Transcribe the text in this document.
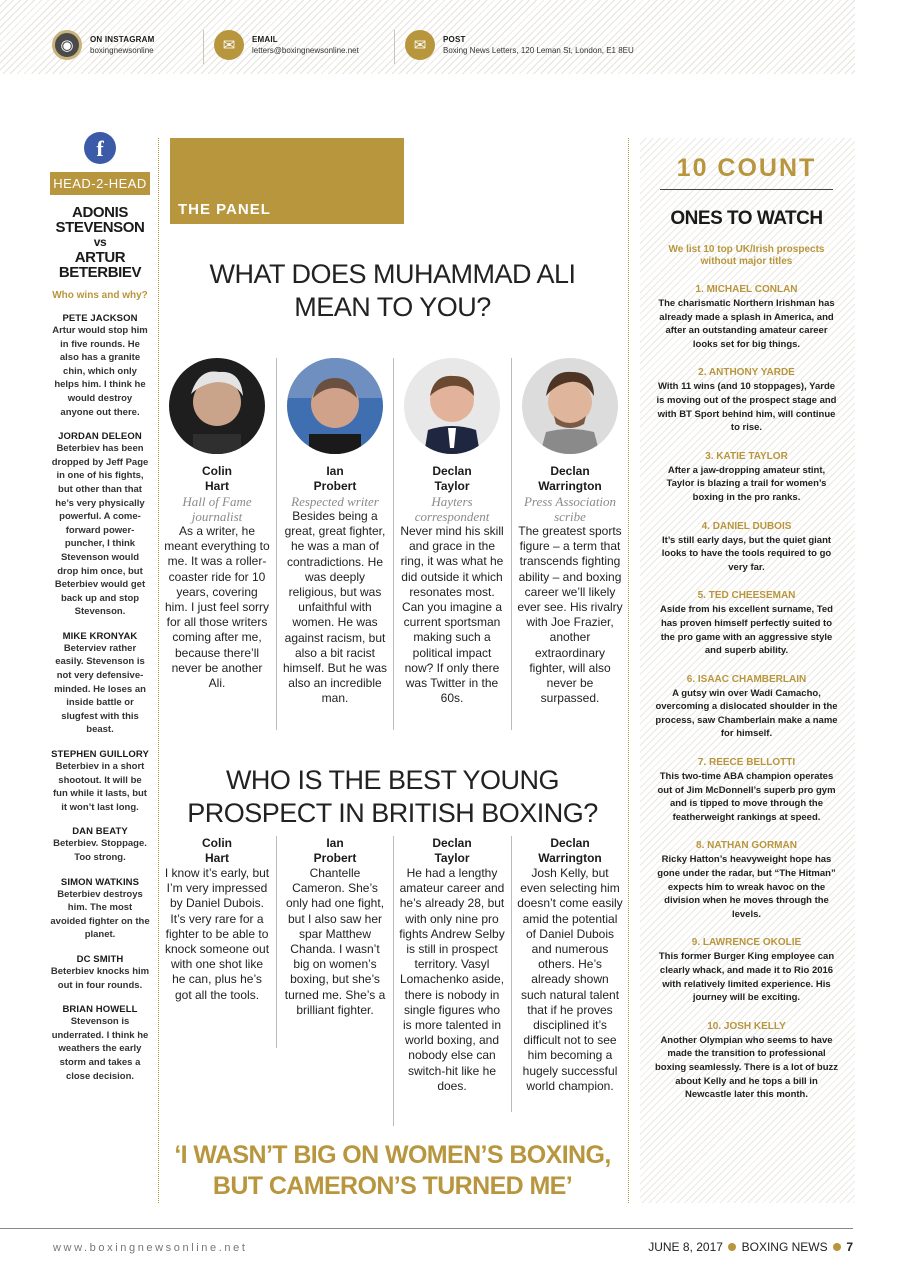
◉	ON INSTAGRAM
boxingnewsonline	✉	EMAIL
letters@boxingnewsonline.net	✉	POST
Boxing News Letters, 120 Leman St, London, E1 8EU
f
HEAD-2-HEAD
ADONIS
STEVENSON
vs
ARTUR
BETERBIEV
Who wins and why?
PETE JACKSON
Artur would stop him in five rounds. He also has a granite chin, which only helps him. I think he would destroy anyone out there.
JORDAN DELEON
Beterbiev has been dropped by Jeff Page in one of his fights, but other than that he’s very physically powerful. A come-forward power-puncher, I think Stevenson would drop him once, but Beterbiev would get back up and stop Stevenson.
MIKE KRONYAK
Beterviev rather easily. Stevenson is not very defensive-minded. He loses an inside battle or slugfest with this beast.
STEPHEN GUILLORY
Beterbiev in a short shootout. It will be fun while it lasts, but it won’t last long.
DAN BEATY
Beterbiev. Stoppage. Too strong.
SIMON WATKINS
Beterbiev destroys him. The most avoided fighter on the planet.
DC SMITH
Beterbiev knocks him out in four rounds.
BRIAN HOWELL
Stevenson is underrated. I think he weathers the early storm and takes a close decision.
THE PANEL
WHAT DOES MUHAMMAD ALI MEAN TO YOU?
Colin
Hart
Hall of Fame journalist
As a writer, he meant everything to me. It was a roller-coaster ride for 10 years, covering him. I just feel sorry for all those writers coming after me, because there’ll never be another Ali.
Ian
Probert
Respected writer
Besides being a great, great fighter, he was a man of contradictions. He was deeply religious, but was unfaithful with women. He was against racism, but also a bit racist himself. But he was also an incredible man.
Declan
Taylor
Hayters correspondent
Never mind his skill and grace in the ring, it was what he did outside it which resonates most. Can you imagine a current sportsman making such a political impact now? If only there was Twitter in the 60s.
Declan
Warrington
Press Association scribe
The greatest sports figure – a term that transcends fighting ability – and boxing career we’ll likely ever see. His rivalry with Joe Frazier, another extraordinary fighter, will also never be surpassed.
WHO IS THE BEST YOUNG PROSPECT IN BRITISH BOXING?
Colin
Hart
I know it’s early, but I’m very impressed by Daniel Dubois. It’s very rare for a fighter to be able to knock someone out with one shot like he can, plus he’s got all the tools.
Ian
Probert
Chantelle Cameron. She’s only had one fight, but I also saw her spar Matthew Chanda. I wasn’t big on women’s boxing, but she’s turned me. She’s a brilliant fighter.
Declan
Taylor
He had a lengthy amateur career and he’s already 28, but with only nine pro fights Andrew Selby is still in prospect territory. Vasyl Lomachenko aside, there is nobody in single figures who is more talented in world boxing, and nobody else can switch-hit like he does.
Declan
Warrington
Josh Kelly, but even selecting him doesn’t come easily amid the potential of Daniel Dubois and numerous others. He’s already shown such natural talent that if he proves disciplined it’s difficult not to see him becoming a hugely successful world champion.
‘I WASN’T BIG ON WOMEN’S BOXING,
BUT CAMERON’S TURNED ME’
10 COUNT
ONES TO WATCH
We list 10 top UK/Irish prospects without major titles
1. MICHAEL CONLAN
The charismatic Northern Irishman has already made a splash in America, and after an outstanding amateur career looks set for big things.
2. ANTHONY YARDE
With 11 wins (and 10 stoppages), Yarde is moving out of the prospect stage and with BT Sport behind him, will continue to rise.
3. KATIE TAYLOR
After a jaw-dropping amateur stint, Taylor is blazing a trail for women’s boxing in the pro ranks.
4. DANIEL DUBOIS
It’s still early days, but the quiet giant looks to have the tools required to go very far.
5. TED CHEESEMAN
Aside from his excellent surname, Ted has proven himself perfectly suited to the pro game with an aggressive style and superb ability.
6. ISAAC CHAMBERLAIN
A gutsy win over Wadi Camacho, overcoming a dislocated shoulder in the process, saw Chamberlain make a name for himself.
7. REECE BELLOTTI
This two-time ABA champion operates out of Jim McDonnell’s superb pro gym and is tipped to move through the featherweight rankings at speed.
8. NATHAN GORMAN
Ricky Hatton’s heavyweight hope has gone under the radar, but “The Hitman” expects him to wreak havoc on the division when he moves through the levels.
9. LAWRENCE OKOLIE
This former Burger King employee can clearly whack, and made it to Rio 2016 with relatively limited experience. His journey will be exciting.
10. JOSH KELLY
Another Olympian who seems to have made the transition to professional boxing seamlessly. There is a lot of buzz about Kelly and he tops a bill in Newcastle later this month.
www.boxingnewsonline.net	JUNE 8, 2017 BOXING NEWS 7
